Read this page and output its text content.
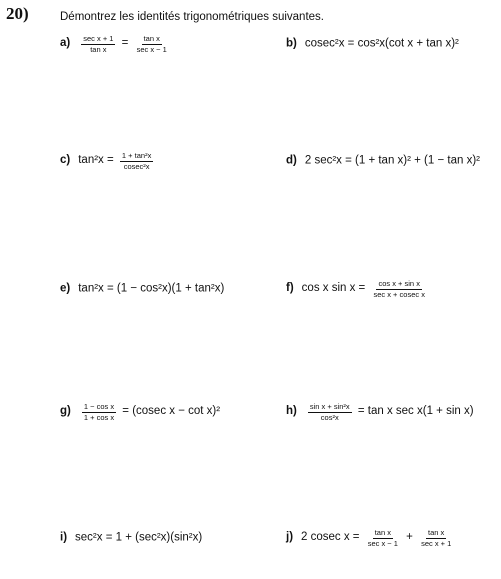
20)	Démontrez les identités trigonométriques suivantes.
$a) \frac{\text{sec x + 1}}{\text{tan x}} = \frac{\text{tan x}}{\text{sec x − 1}}$	b) cosec²x = cos²x(cot x + tan x)²
c) $\tan^2x = \frac{\text{1 + tan²x}}{\text{cosec²x}}$	d) 2 sec²x = (1 + tan x)² + (1 − tan x)²
e) tan²x = (1 − cos²x)(1 + tan²x)	f) cos x $\sin x = \frac{\text{cos x + sin x}}{\text{sec x + cosec x}}$
$g) \frac{\text{1 − cos x}}{\text{1 + cos x}} = (cosec$ x − cot x)²	$h) \frac{\text{sin x + sin²x}}{\text{cos²x}} = \tan x$ sec x(1 + sin x)
i) sec²x = 1 + (sec²x)(sin²x)	j) 2 cosec $x = \frac{\text{tan x}}{\text{sec x − 1}} + \frac{\text{tan x}}{\text{sec x + 1}}$
